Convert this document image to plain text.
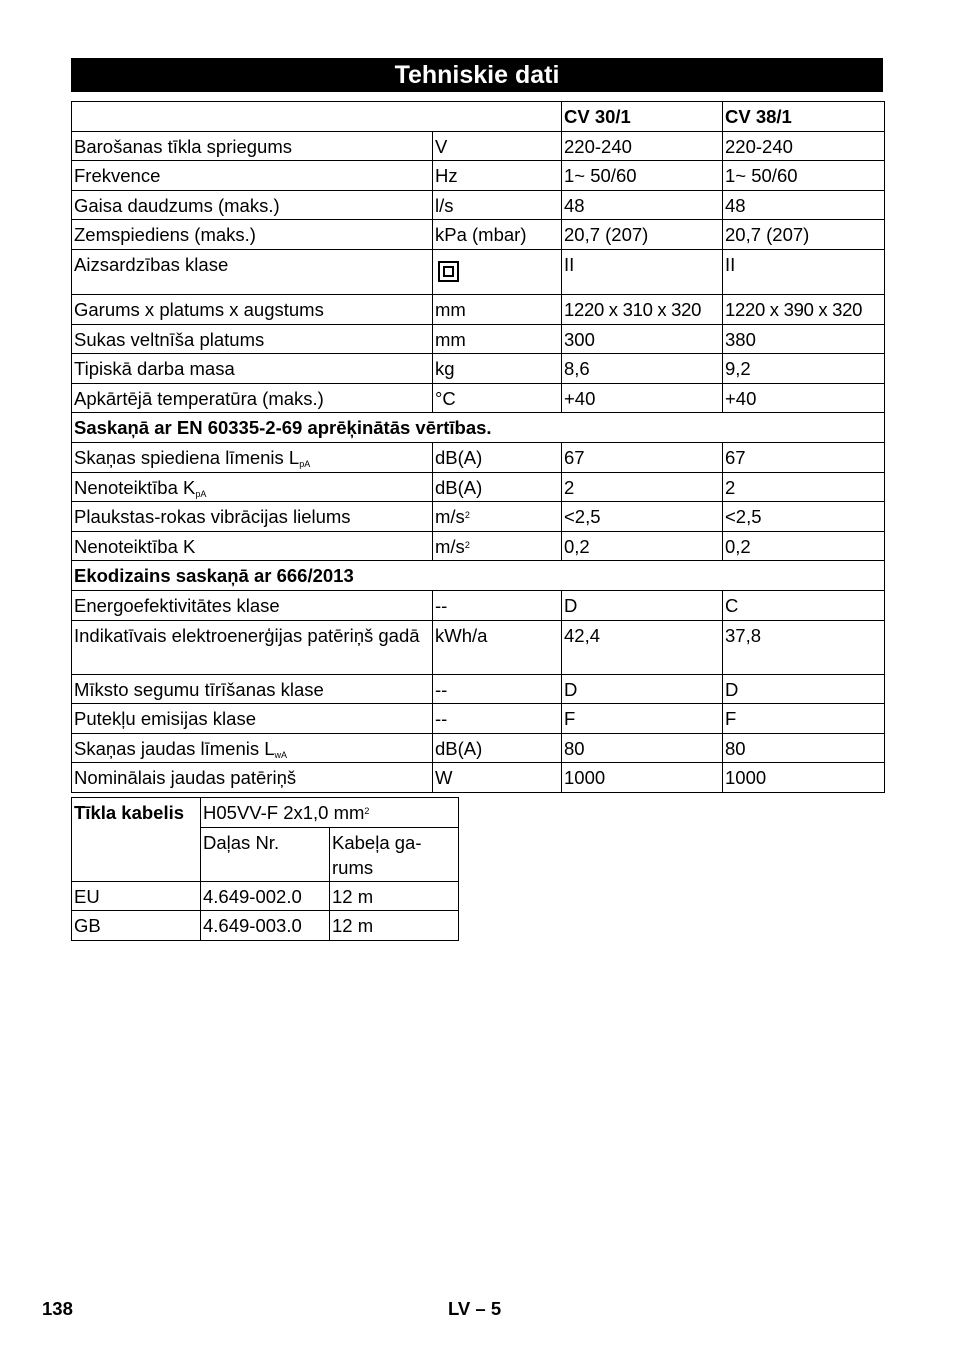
Tehniskie dati
		CV 30/1	CV 38/1
Barošanas tīkla spriegums	V	220-240	220-240
Frekvence	Hz	1~ 50/60	1~ 50/60
Gaisa daudzums (maks.)	l/s	48	48
Zemspiediens (maks.)	kPa (mbar)	20,7 (207)	20,7 (207)
Aizsardzības klase		II	II
Garums x platums x augstums	mm	1220 x 310 x 320	1220 x 390 x 320
Sukas veltnīša platums	mm	300	380
Tipiskā darba masa	kg	8,6	9,2
Apkārtējā temperatūra (maks.)	°C	+40	+40
Saskaņā ar EN 60335-2-69 aprēķinātās vērtības.			
Skaņas spiediena līmenis $L_{pA}$	dB(A)	67	67
Nenoteiktība $K_{pA}$	dB(A)	2	2
Plaukstas-rokas vibrācijas lielums	$m/s^2$	<2,5	<2,5
Nenoteiktība K	$m/s^2$	0,2	0,2
Ekodizains saskaņā ar 666/2013			
Energoefektivitātes klase	--	D	C
Indikatīvais elektroenerģijas patēriņš gadā	kWh/a	42,4	37,8
Mīksto segumu tīrīšanas klase	--	D	D
Putekļu emisijas klase	--	F	F
Skaņas jaudas līmenis $L_{wA}$	dB(A)	80	80
Nominālais jaudas patēriņš	W	1000	1000
Tīkla kabelis	H05VV-F 2x1,0 $mm^2$
	Daļas Nr.	Kabeļa ga-rums
EU	4.649-002.0	12 m
GB	4.649-003.0	12 m
138	LV – 5
